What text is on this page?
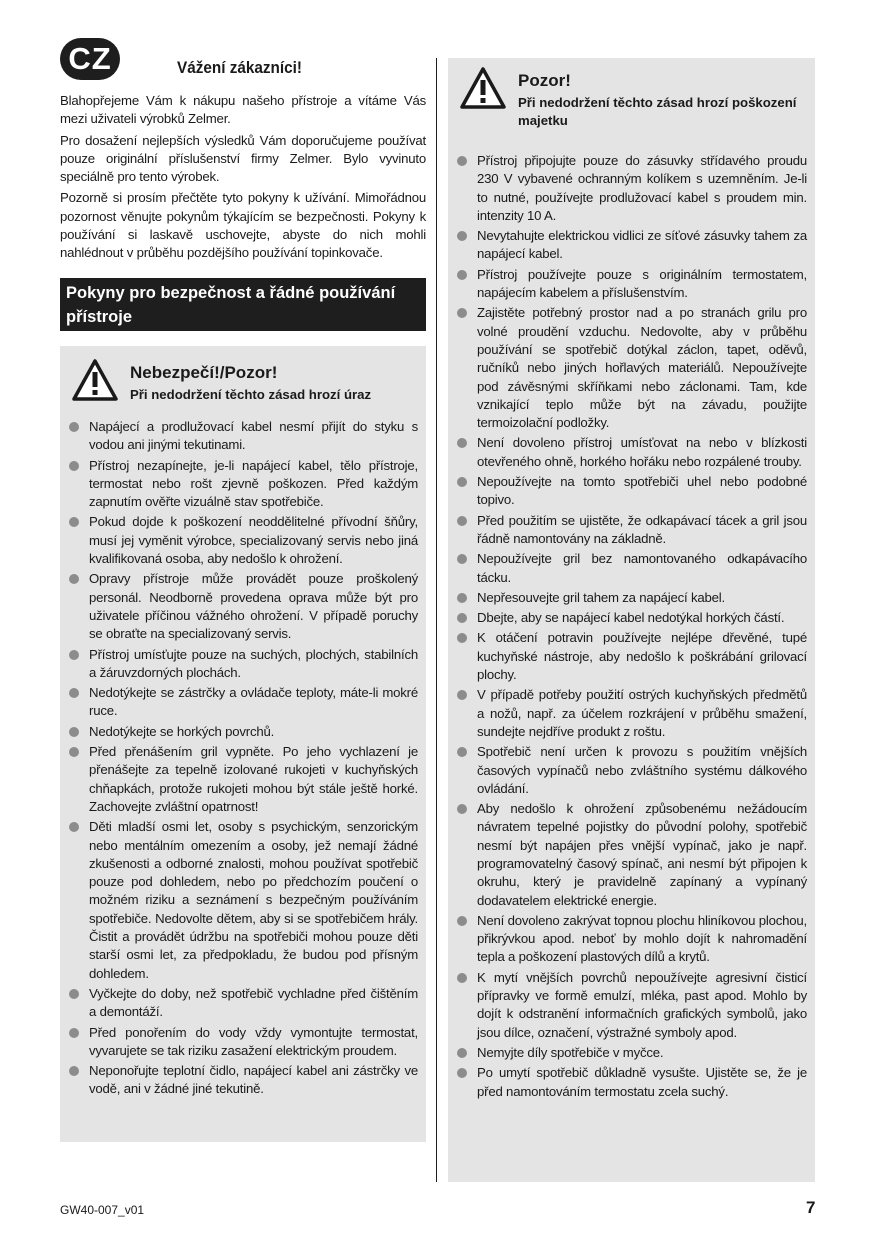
CZ	Vážení zákazníci!

Blahopřejeme Vám k nákupu našeho přístroje a vítáme Vás mezi uživateli výrobků Zelmer.

Pro dosažení nejlepších výsledků Vám doporučujeme používat pouze originální příslušenství firmy Zelmer. Bylo vyvinuto speciálně pro tento výrobek.

Pozorně si prosím přečtěte tyto pokyny k užívání. Mimořádnou pozornost věnujte pokynům týkajícím se bezpečnosti. Pokyny k používání si laskavě uschovejte, abyste do nich mohli nahlédnout v průběhu pozdějšího používání topinkovače.

Pokyny pro bezpečnost a řádné používání přístroje
Nebezpečí!/Pozor!
Při nedodržení těchto zásad hrozí úraz
Napájecí a prodlužovací kabel nesmí přijít do styku s vodou ani jinými tekutinami.
Přístroj nezapínejte, je-li napájecí kabel, tělo přístroje, termostat nebo rošt zjevně poškozen. Před každým zapnutím ověřte vizuálně stav spotřebiče.
Pokud dojde k poškození neoddělitelné přívodní šňůry, musí jej vyměnit výrobce, specializovaný servis nebo jiná kvalifikovaná osoba, aby nedošlo k ohrožení.
Opravy přístroje může provádět pouze proškolený personál. Neodborně provedena oprava může být pro uživatele příčinou vážného ohrožení. V případě poruchy se obraťte na specializovaný servis.
Přístroj umísťujte pouze na suchých, plochých, stabilních a žáruvzdorných plochách.
Nedotýkejte se zástrčky a ovládače teploty, máte-li mokré ruce.
Nedotýkejte se horkých povrchů.
Před přenášením gril vypněte. Po jeho vychlazení je přenášejte za tepelně izolované rukojeti v kuchyňských chňapkách, protože rukojeti mohou být stále ještě horké. Zachovejte zvláštní opatrnost!
Děti mladší osmi let, osoby s psychickým, senzorickým nebo mentálním omezením a osoby, jež nemají žádné zkušenosti a odborné znalosti, mohou používat spotřebič pouze pod dohledem, nebo po předchozím poučení o možném riziku a seznámení s bezpečným používáním spotřebiče. Nedovolte dětem, aby si se spotřebičem hrály. Čistit a provádět údržbu na spotřebiči mohou pouze děti starší osmi let, za předpokladu, že budou pod přísným dohledem.
Vyčkejte do doby, než spotřebič vychladne před čištěním a demontáží.
Před ponořením do vody vždy vymontujte termostat, vyvarujete se tak riziku zasažení elektrickým proudem.
Neponořujte teplotní čidlo, napájecí kabel ani zástrčky ve vodě, ani v žádné jiné tekutině.
Pozor!
Při nedodržení těchto zásad hrozí poškození majetku
Přístroj připojujte pouze do zásuvky střídavého proudu 230 V vybavené ochranným kolíkem s uzemněním. Je-li to nutné, používejte prodlužovací kabel s proudem min. intenzity 10 A.
Nevytahujte elektrickou vidlici ze síťové zásuvky tahem za napájecí kabel.
Přístroj používejte pouze s originálním termostatem, napájecím kabelem a příslušenstvím.
Zajistěte potřebný prostor nad a po stranách grilu pro volné proudění vzduchu. Nedovolte, aby v průběhu používání se spotřebič dotýkal záclon, tapet, oděvů, ručníků nebo jiných hořlavých materiálů. Nepoužívejte pod závěsnými skříňkami nebo záclonami. Tam, kde vznikající teplo může být na závadu, použijte termoizolační podložky.
Není dovoleno přístroj umísťovat na nebo v blízkosti otevřeného ohně, horkého hořáku nebo rozpálené trouby.
Nepoužívejte na tomto spotřebiči uhel nebo podobné topivo.
Před použitím se ujistěte, že odkapávací tácek a gril jsou řádně namontovány na základně.
Nepoužívejte gril bez namontovaného odkapávacího tácku.
Nepřesouvejte gril tahem za napájecí kabel.
Dbejte, aby se napájecí kabel nedotýkal horkých částí.
K otáčení potravin používejte nejlépe dřevěné, tupé kuchyňské nástroje, aby nedošlo k poškrábání grilovací plochy.
V případě potřeby použití ostrých kuchyňských předmětů a nožů, např. za účelem rozkrájení v průběhu smažení, sundejte nejdříve produkt z roštu.
Spotřebič není určen k provozu s použitím vnějších časových vypínačů nebo zvláštního systému dálkového ovládání.
Aby nedošlo k ohrožení způsobenému nežádoucím návratem tepelné pojistky do původní polohy, spotřebič nesmí být napájen přes vnější vypínač, jako je např. programovatelný časový spínač, ani nesmí být připojen k okruhu, který je pravidelně zapínaný a vypínaný dodavatelem elektrické energie.
Není dovoleno zakrývat topnou plochu hliníkovou plochou, přikrývkou apod. neboť by mohlo dojít k nahromadění tepla a poškození plastových dílů a krytů.
K mytí vnějších povrchů nepoužívejte agresivní čisticí přípravky ve formě emulzí, mléka, past apod. Mohlo by dojít k odstranění informačních grafických symbolů, jako jsou dílce, označení, výstražné symboly apod.
Nemyjte díly spotřebiče v myčce.
Po umytí spotřebič důkladně vysušte. Ujistěte se, že je před namontováním termostatu zcela suchý.
GW40-007_v01	7
